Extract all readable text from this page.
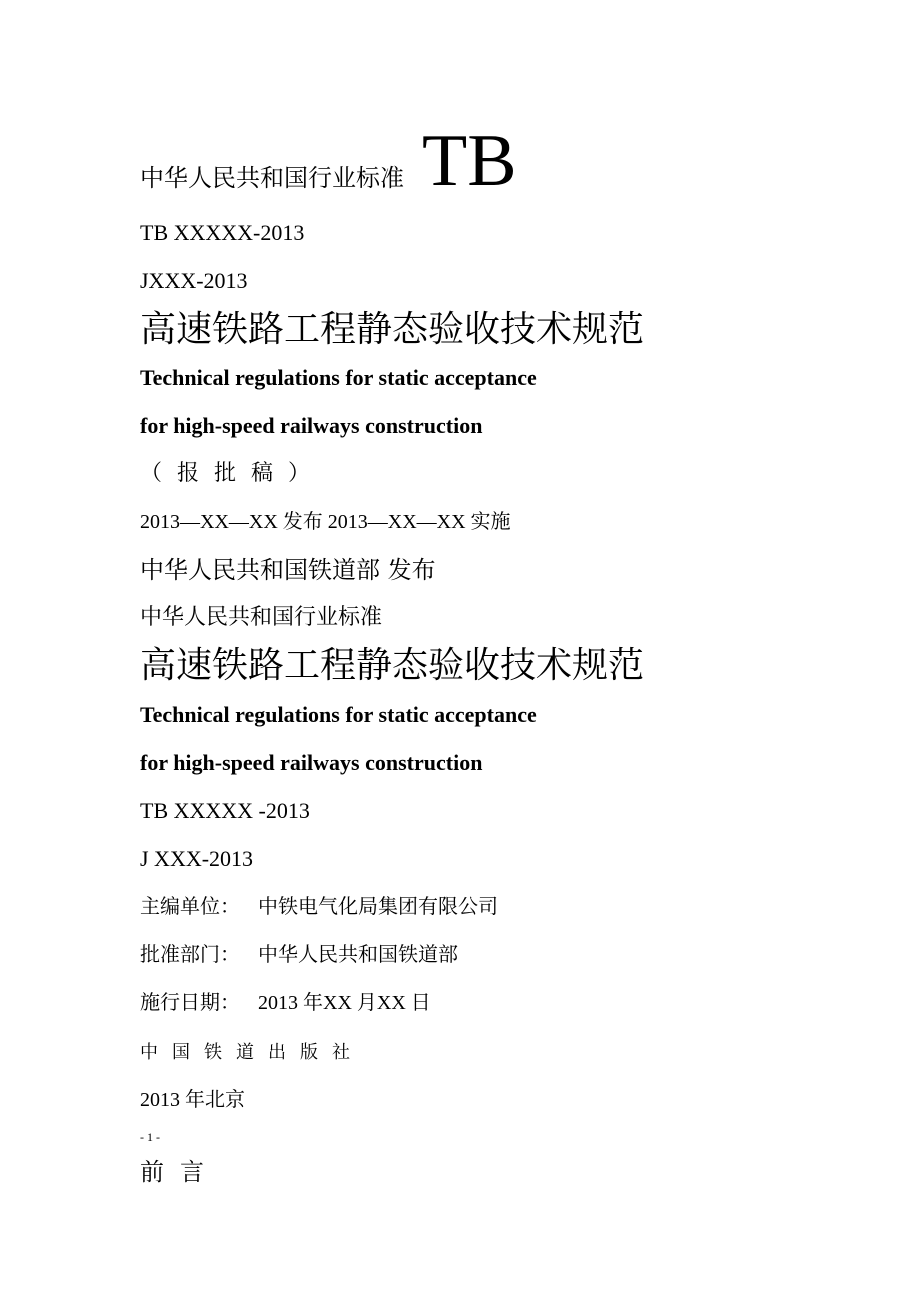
中华人民共和国行业标准 TB
TB XXXXX-2013
JXXX-2013
高速铁路工程静态验收技术规范
Technical regulations for static acceptance
for high-speed railways construction
（报批稿）
2013—XX—XX 发布 2013—XX—XX 实施
中华人民共和国铁道部 发布
中华人民共和国行业标准
高速铁路工程静态验收技术规范
Technical regulations for static acceptance
for high-speed railways construction
TB XXXXX -2013
J XXX-2013
主编单位： 中铁电气化局集团有限公司
批准部门： 中华人民共和国铁道部
施行日期： 2013 年XX 月XX 日
中国铁道出版社
2013 年北京
- 1 -
前言
